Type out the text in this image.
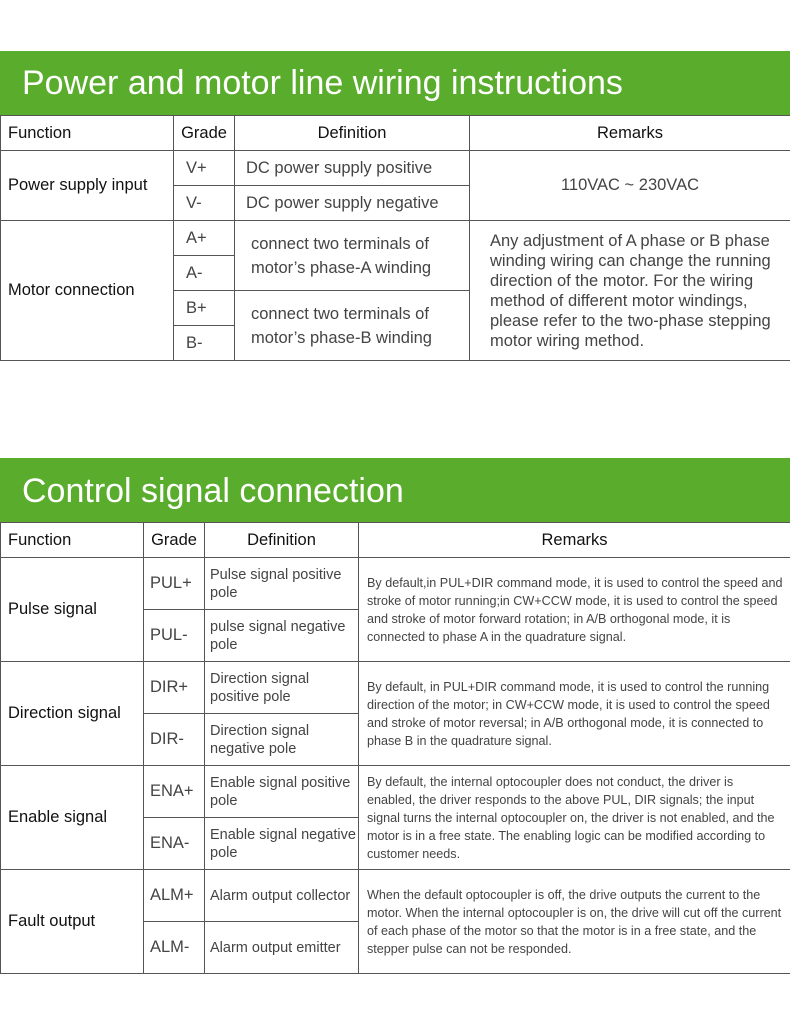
Power and motor line wiring instructions
Function	Grade	Definition	Remarks
Power supply input	V+	DC power supply positive	110VAC ~ 230VAC
	V-	DC power supply negative	
Motor connection	A+	connect two terminals of motor’s phase-A winding	Any adjustment of A phase or B phase winding wiring can change the running direction of the motor. For the wiring method of different motor windings, please refer to the two-phase stepping motor wiring method.
	A-		
	B+	connect two terminals of motor’s phase-B winding	
	B-		
Control signal connection
Function	Grade	Definition	Remarks
Pulse signal	PUL+	Pulse signal positive pole	By default,in PUL+DIR command mode, it is used to control the speed and stroke of motor running;in CW+CCW mode, it is used to control the speed and stroke of motor forward rotation; in A/B orthogonal mode, it is connected to phase A in the quadrature signal.
	PUL-	pulse signal negative pole	
Direction signal	DIR+	Direction signal positive pole	By default, in PUL+DIR command mode, it is used to control the running direction of the motor; in CW+CCW mode, it is used to control the speed and stroke of motor reversal; in A/B orthogonal mode, it is connected to phase B in the quadrature signal.
	DIR-	Direction signal negative pole	
Enable signal	ENA+	Enable signal positive pole	By default, the internal optocoupler does not conduct, the driver is enabled, the driver responds to the above PUL, DIR signals; the input signal turns the internal optocoupler on, the driver is not enabled, and the motor is in a free state. The enabling logic can be modified according to customer needs.
	ENA-	Enable signal negative pole	
Fault output	ALM+	Alarm output collector	When the default optocoupler is off, the drive outputs the current to the motor. When the internal optocoupler is on, the drive will cut off the current of each phase of the motor so that the motor is in a free state, and the stepper pulse can not be responded.
	ALM-	Alarm output emitter	
